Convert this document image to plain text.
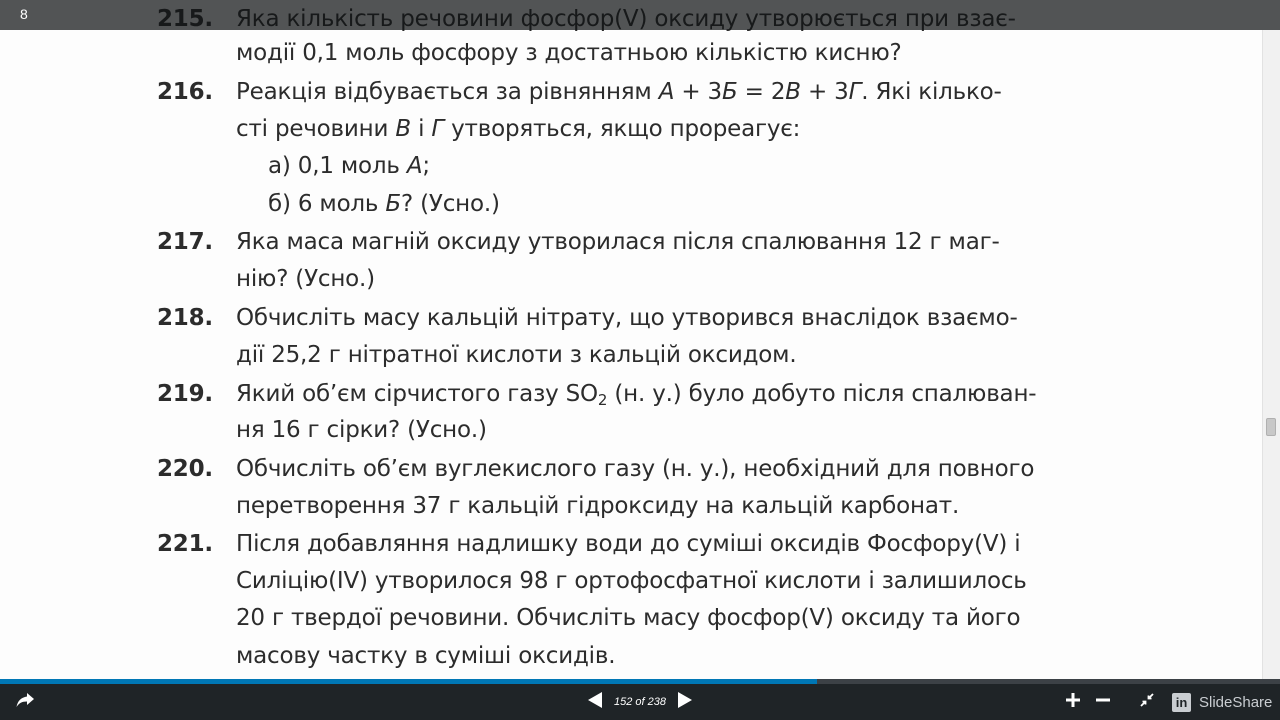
модії 0,1 моль фосфору з достатньою кількістю кисню?
216. Реакція відбувається за рівнянням А + 3Б = 2В + 3Г. Які кілько-
сті речовини В і Г утворяться, якщо прореагує:
а) 0,1 моль А;
б) 6 моль Б? (Усно.)
217. Яка маса магній оксиду утворилася після спалювання 12 г маг-
нію? (Усно.)
218. Обчисліть масу кальцій нітрату, що утворився внаслідок взаємо-
дії 25,2 г нітратної кислоти з кальцій оксидом.
219. Який об’єм сірчистого газу $SO_2$ (н. у.) було добуто після спалюван-
ня 16 г сірки? (Усно.)
220. Обчисліть об’єм вуглекислого газу (н. у.), необхідний для повного
перетворення 37 г кальцій гідроксиду на кальцій карбонат.
221. Після добавляння надлишку води до суміші оксидів Фосфору(V) і
Силіцію(IV) утворилося 98 г ортофосфатної кислоти і залишилось
20 г твердої речовини. Обчисліть масу фосфор(V) оксиду та його
масову частку в суміші оксидів.
8
152 of 238	in SlideShare
